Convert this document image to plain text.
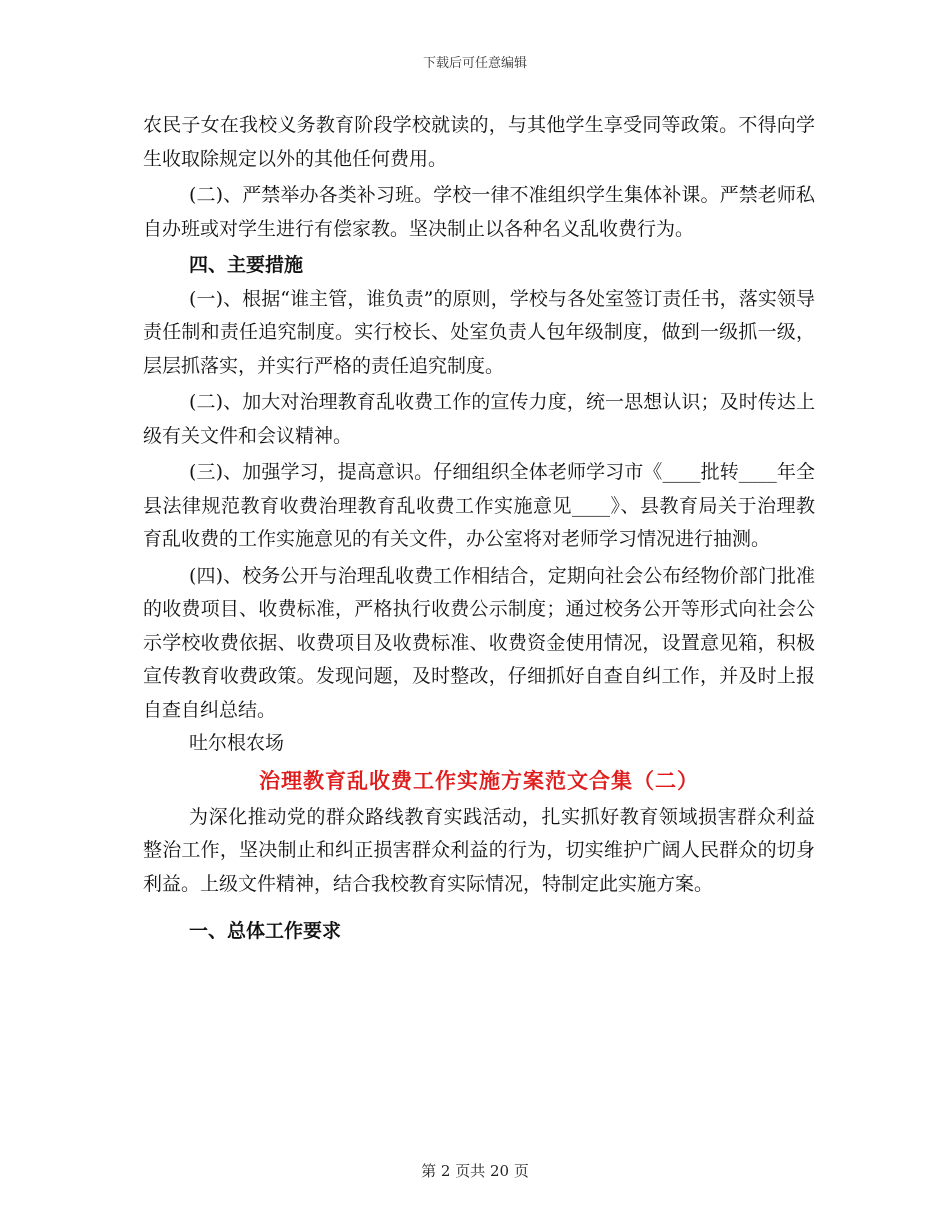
下载后可任意编辑

农民子女在我校义务教育阶段学校就读的，与其他学生享受同等政策。不得向学生收取除规定以外的其他任何费用。

(二)、严禁举办各类补习班。学校一律不准组织学生集体补课。严禁老师私自办班或对学生进行有偿家教。坚决制止以各种名义乱收费行为。

四、主要措施

(一)、根据“谁主管，谁负责”的原则，学校与各处室签订责任书，落实领导责任制和责任追究制度。实行校长、处室负责人包年级制度，做到一级抓一级，层层抓落实，并实行严格的责任追究制度。

(二)、加大对治理教育乱收费工作的宣传力度，统一思想认识；及时传达上级有关文件和会议精神。

(三)、加强学习，提高意识。仔细组织全体老师学习市《____批转____年全县法律规范教育收费治理教育乱收费工作实施意见____》、县教育局关于治理教育乱收费的工作实施意见的有关文件，办公室将对老师学习情况进行抽测。

(四)、校务公开与治理乱收费工作相结合，定期向社会公布经物价部门批准的收费项目、收费标准，严格执行收费公示制度；通过校务公开等形式向社会公示学校收费依据、收费项目及收费标准、收费资金使用情况，设置意见箱，积极宣传教育收费政策。发现问题，及时整改，仔细抓好自查自纠工作，并及时上报自查自纠总结。

吐尔根农场

治理教育乱收费工作实施方案范文合集（二）

为深化推动党的群众路线教育实践活动，扎实抓好教育领域损害群众利益整治工作，坚决制止和纠正损害群众利益的行为，切实维护广阔人民群众的切身利益。上级文件精神，结合我校教育实际情况，特制定此实施方案。

一、总体工作要求

第 2 页共 20 页
